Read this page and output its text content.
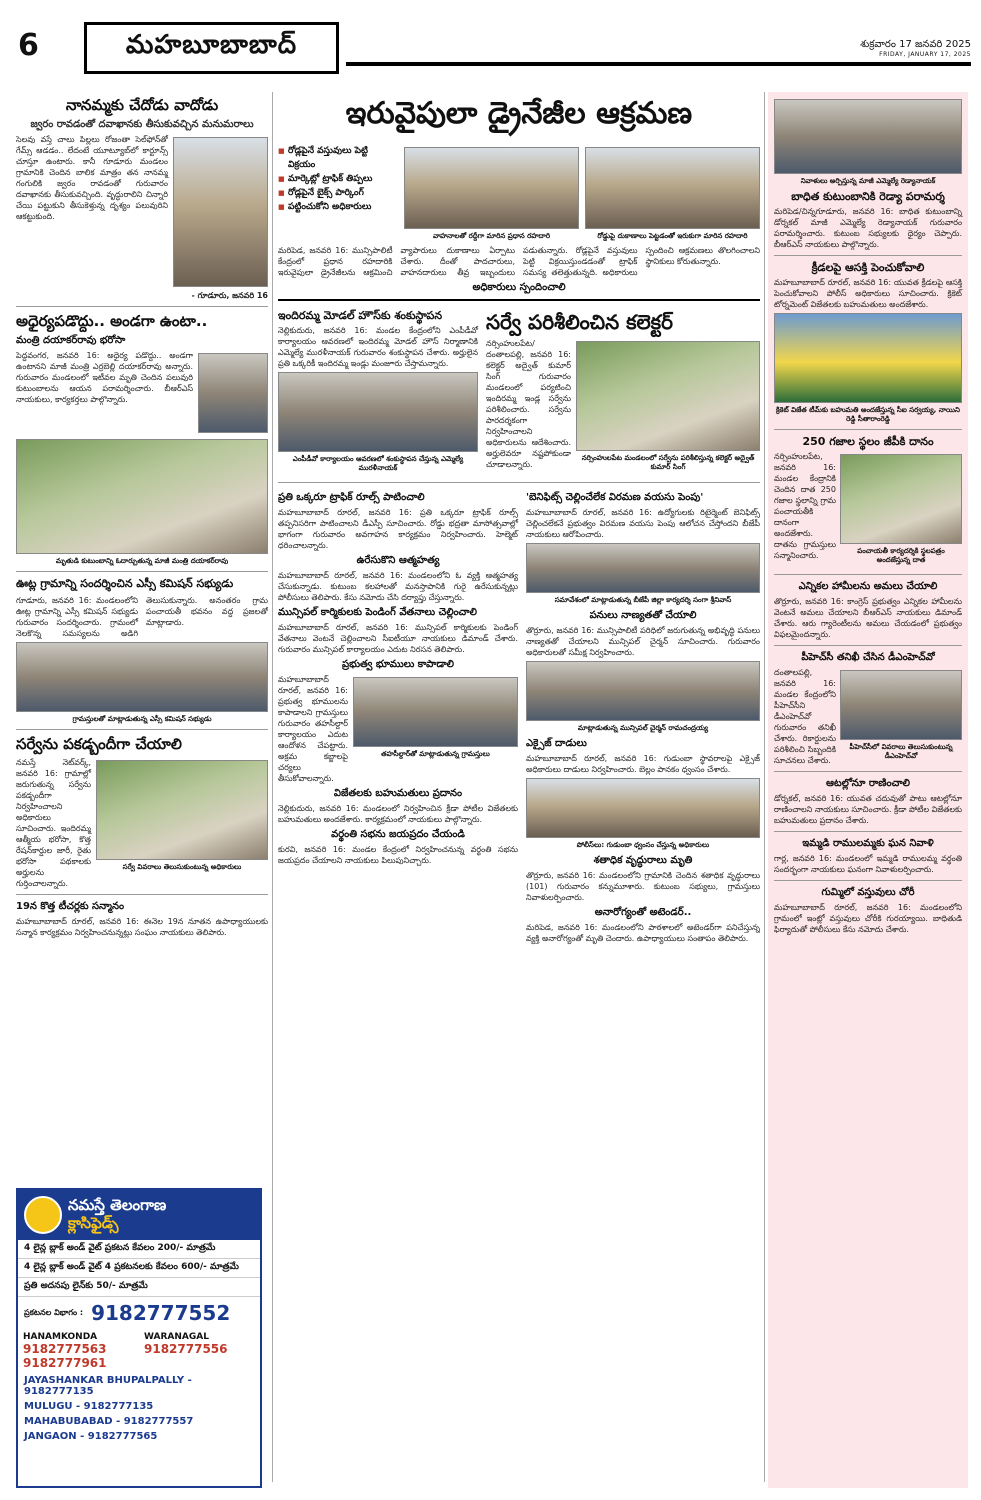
6	మహబూబాబాద్	శుక్రవారం 17 జనవరి 2025
FRIDAY, JANUARY 17, 2025
నానమ్మకు చేదోడు వాదోడు
జ్వరం రావడంతో దవాఖానకు తీసుకువచ్చిన మనుమరాలు

సెలవు వస్తే చాలు పిల్లలు రోజంతా సెల్‌ఫోన్‌తో గేమ్స్ ఆడడం.. లేదంటే యూట్యూబ్‌లో కార్టూన్స్ చూస్తూ ఉంటారు. కానీ గూడూరు మండలం గ్రామానికి చెందిన బాలిక మాత్రం తన నానమ్మ గంగులికి జ్వరం రావడంతో గురువారం దవాఖానకు తీసుకువచ్చింది. వృద్ధురాలిని చిన్నారి చేయి పట్టుకుని తీసుకెళ్తున్న దృశ్యం పలువురిని ఆకట్టుకుంది.

- గూడూరు, జనవరి 16

అధైర్యపడొద్దు.. అండగా ఉంటా..
మంత్రి దయాకర్‌రావు భరోసా

పెద్దవంగర, జనవరి 16: అధైర్య పడొద్దు.. అండగా ఉంటానని మాజీ మంత్రి ఎర్రబెల్లి దయాకర్‌రావు అన్నారు. గురువారం మండలంలో ఇటీవల మృతి చెందిన పలువురి కుటుంబాలను ఆయన పరామర్శించారు. బీఆర్‌ఎస్ నాయకులు, కార్యకర్తలు పాల్గొన్నారు.

మృతుడి కుటుంబాన్ని ఓదార్చుతున్న మాజీ మంత్రి దయాకర్‌రావు

ఊట్ల గ్రామాన్ని సందర్శించిన ఎస్సీ కమిషన్ సభ్యుడు

గూడూరు, జనవరి 16: మండలంలోని ఊట్ల గ్రామాన్ని ఎస్సీ కమిషన్ సభ్యుడు గురువారం సందర్శించారు. గ్రామంలో నెలకొన్న సమస్యలను అడిగి తెలుసుకున్నారు. అనంతరం గ్రామ పంచాయతీ భవనం వద్ద ప్రజలతో మాట్లాడారు.

గ్రామస్తులతో మాట్లాడుతున్న ఎస్సీ కమిషన్ సభ్యుడు

సర్వేను పకడ్బందీగా చేయాలి

నమస్తే నెట్‌వర్క్, జనవరి 16: గ్రామాల్లో జరుగుతున్న సర్వేను పకడ్బందీగా నిర్వహించాలని అధికారులు సూచించారు. ఇందిరమ్మ ఆత్మీయ భరోసా, కొత్త రేషన్‌కార్డుల జారీ, రైతు భరోసా పథకాలకు అర్హులను గుర్తించాలన్నారు.

సర్వే వివరాలు తెలుసుకుంటున్న అధికారులు

19న కొత్త టీచర్లకు సన్మానం

మహబూబాబాద్ రూరల్, జనవరి 16: ఈనెల 19న నూతన ఉపాధ్యాయులకు సన్మాన కార్యక్రమం నిర్వహించనున్నట్లు సంఘం నాయకులు తెలిపారు.

నమస్తే తెలంగాణ
క్లాసిఫైడ్స్
4 లైన్ల బ్లాక్ అండ్ వైట్ ప్రకటన కేవలం 200/- మాత్రమే
4 లైన్ల బ్లాక్ అండ్ వైట్ 4 ప్రకటనలకు కేవలం 600/- మాత్రమే
ప్రతి అదనపు లైన్‌కు 50/- మాత్రమే
ప్రకటనల విభాగం : 9182777552
HANAMKONDA
9182777563
9182777961
WARANAGAL
9182777556
JAYASHANKAR BHUPALPALLY - 9182777135
MULUGU - 9182777135
MAHABUBABAD - 9182777557
JANGAON - 9182777565
ఇరువైపులా డ్రైనేజీల ఆక్రమణ
■ రోడ్లపైనే వస్తువులు పెట్టి విక్రయం
■ మార్కెట్లో ట్రాఫిక్ తిప్పలు
■ రోడ్లపైనే బైక్స్ పార్కింగ్
■ పట్టించుకోని అధికారులు

వాహనాలతో రద్దీగా మారిన ప్రధాన రహదారి	రోడ్డుపై దుకాణాలు పెట్టడంతో ఇరుకుగా మారిన రహదారి

మరిపెడ, జనవరి 16: మున్సిపాలిటీ కేంద్రంలో ప్రధాన రహదారికి ఇరువైపులా డ్రైనేజీలను ఆక్రమించి వ్యాపారులు దుకాణాలు ఏర్పాటు చేశారు. దీంతో పాదచారులు, వాహనదారులు తీవ్ర ఇబ్బందులు పడుతున్నారు. రోడ్లపైనే వస్తువులు పెట్టి విక్రయిస్తుండడంతో ట్రాఫిక్ సమస్య తలెత్తుతున్నది. అధికారులు స్పందించి ఆక్రమణలు తొలగించాలని స్థానికులు కోరుతున్నారు.

అధికారులు స్పందించాలి
ఇందిరమ్మ మోడల్ హౌస్‌కు శంకుస్థాపన

నెల్లికుదురు, జనవరి 16: మండల కేంద్రంలోని ఎంపీడీవో కార్యాలయం ఆవరణలో ఇందిరమ్మ మోడల్ హౌస్ నిర్మాణానికి ఎమ్మెల్యే మురళీనాయక్ గురువారం శంకుస్థాపన చేశారు. అర్హులైన ప్రతి ఒక్కరికీ ఇందిరమ్మ ఇండ్లు మంజూరు చేస్తామన్నారు.

ఎంపీడీవో కార్యాలయం ఆవరణలో శంకుస్థాపన చేస్తున్న ఎమ్మెల్యే మురళీనాయక్

సర్వే పరిశీలించిన కలెక్టర్

నర్సింహులపేట/దంతాలపల్లి, జనవరి 16: కలెక్టర్ అద్వైత్ కుమార్ సింగ్ గురువారం మండలంలో పర్యటించి ఇందిరమ్మ ఇండ్ల సర్వేను పరిశీలించారు. సర్వేను పారదర్శకంగా నిర్వహించాలని అధికారులను ఆదేశించారు. అర్హులెవరూ నష్టపోకుండా చూడాలన్నారు.

నర్సింహులపేట మండలంలో సర్వేను పరిశీలిస్తున్న కలెక్టర్ అద్వైత్ కుమార్ సింగ్

ప్రతి ఒక్కరూ ట్రాఫిక్ రూల్స్ పాటించాలి

మహబూబాబాద్ రూరల్, జనవరి 16: ప్రతి ఒక్కరూ ట్రాఫిక్ రూల్స్ తప్పనిసరిగా పాటించాలని డీఎస్పీ సూచించారు. రోడ్డు భద్రతా మాసోత్సవాల్లో భాగంగా గురువారం అవగాహన కార్యక్రమం నిర్వహించారు. హెల్మెట్ ధరించాలన్నారు.

ఉరేసుకొని ఆత్మహత్య

మహబూబాబాద్ రూరల్, జనవరి 16: మండలంలోని ఓ వ్యక్తి ఆత్మహత్య చేసుకున్నాడు. కుటుంబ కలహాలతో మనస్తాపానికి గురై ఉరేసుకున్నట్లు పోలీసులు తెలిపారు. కేసు నమోదు చేసి దర్యాప్తు చేస్తున్నారు.

మున్సిపల్ కార్మికులకు పెండింగ్ వేతనాలు చెల్లించాలి

మహబూబాబాద్ రూరల్, జనవరి 16: మున్సిపల్ కార్మికులకు పెండింగ్ వేతనాలు వెంటనే చెల్లించాలని సీఐటీయూ నాయకులు డిమాండ్ చేశారు. గురువారం మున్సిపల్ కార్యాలయం ఎదుట నిరసన తెలిపారు.

ప్రభుత్వ భూములు కాపాడాలి

మహబూబాబాద్ రూరల్, జనవరి 16: ప్రభుత్వ భూములను కాపాడాలని గ్రామస్తులు గురువారం తహసీల్దార్ కార్యాలయం ఎదుట ఆందోళన చేపట్టారు. అక్రమ కబ్జాలపై చర్యలు తీసుకోవాలన్నారు.

తహసీల్దార్‌తో మాట్లాడుతున్న గ్రామస్తులు

విజేతలకు బహుమతులు ప్రదానం

నెల్లికుదురు, జనవరి 16: మండలంలో నిర్వహించిన క్రీడా పోటీల విజేతలకు బహుమతులు అందజేశారు. కార్యక్రమంలో నాయకులు పాల్గొన్నారు.

వర్థంతి సభను జయప్రదం చేయండి

కురవి, జనవరి 16: మండల కేంద్రంలో నిర్వహించనున్న వర్థంతి సభను జయప్రదం చేయాలని నాయకులు పిలుపునిచ్చారు.

'బెనిఫిట్స్ చెల్లించేలేక విరమణ వయసు పెంపు'

మహబూబాబాద్ రూరల్, జనవరి 16: ఉద్యోగులకు రిటైర్మెంట్ బెనిఫిట్స్ చెల్లించలేకనే ప్రభుత్వం విరమణ వయసు పెంపు ఆలోచన చేస్తోందని బీజేపీ నాయకులు ఆరోపించారు.

సమావేశంలో మాట్లాడుతున్న బీజేపీ జిల్లా కార్యదర్శి సంగా శ్రీనివాస్

పనులు నాణ్యతతో చేయాలి

తొర్రూరు, జనవరి 16: మున్సిపాలిటీ పరిధిలో జరుగుతున్న అభివృద్ధి పనులు నాణ్యతతో చేయాలని మున్సిపల్ చైర్మన్ సూచించారు. గురువారం అధికారులతో సమీక్ష నిర్వహించారు.

మాట్లాడుతున్న మున్సిపల్ చైర్మన్ రామచంద్రయ్య

ఎక్సైజ్ దాడులు

మహబూబాబాద్ రూరల్, జనవరి 16: గుడుంబా స్థావరాలపై ఎక్సైజ్ అధికారులు దాడులు నిర్వహించారు. బెల్లం పానకం ధ్వంసం చేశారు.

పోలీస్‌లు: గుడుంబా ధ్వంసం చేస్తున్న అధికారులు

శతాధిక వృద్ధురాలు మృతి

తొర్రూరు, జనవరి 16: మండలంలోని గ్రామానికి చెందిన శతాధిక వృద్ధురాలు (101) గురువారం కన్నుమూశారు. కుటుంబ సభ్యులు, గ్రామస్తులు నివాళులర్పించారు.

అనారోగ్యంతో అటెండర్..

మరిపెడ, జనవరి 16: మండలంలోని పాఠశాలలో అటెండర్‌గా పనిచేస్తున్న వ్యక్తి అనారోగ్యంతో మృతి చెందారు. ఉపాధ్యాయులు సంతాపం తెలిపారు.

నివాళులు అర్పిస్తున్న మాజీ ఎమ్మెల్యే రెడ్యానాయక్

బాధిత కుటుంబానికి రెడ్యా పరామర్శ

మరిపెడ/చిన్నగూడూరు, జనవరి 16: బాధిత కుటుంబాన్ని డోర్నకల్ మాజీ ఎమ్మెల్యే రెడ్యానాయక్ గురువారం పరామర్శించారు. కుటుంబ సభ్యులకు ధైర్యం చెప్పారు. బీఆర్‌ఎస్ నాయకులు పాల్గొన్నారు.

క్రీడలపై ఆసక్తి పెంచుకోవాలి

మహబూబాబాద్ రూరల్, జనవరి 16: యువత క్రీడలపై ఆసక్తి పెంచుకోవాలని పోలీస్ అధికారులు సూచించారు. క్రికెట్ టోర్నమెంట్ విజేతలకు బహుమతులు అందజేశారు.

క్రికెట్ విజేత టీమ్‌కు బహుమతి అందజేస్తున్న సీఐ సర్వయ్య, నాయిని రెడ్డి సీతారాంరెడ్డి

250 గజాల స్థలం జీపీకి దానం

నర్సింహులపేట, జనవరి 16: మండల కేంద్రానికి చెందిన దాత 250 గజాల స్థలాన్ని గ్రామ పంచాయతీకి దానంగా అందజేశారు. దాతను గ్రామస్తులు సన్మానించారు.	పంచాయతీ కార్యదర్శికి స్థలపత్రం అందజేస్తున్న దాత

ఎన్నికల హామీలను అమలు చేయాలి

తొర్రూరు, జనవరి 16: కాంగ్రెస్ ప్రభుత్వం ఎన్నికల హామీలను వెంటనే అమలు చేయాలని బీఆర్‌ఎస్ నాయకులు డిమాండ్ చేశారు. ఆరు గ్యారెంటీలను అమలు చేయడంలో ప్రభుత్వం విఫలమైందన్నారు.

పీహెచ్‌సీ తనిఖీ చేసిన డీఎంహెచ్‌వో

దంతాలపల్లి, జనవరి 16: మండల కేంద్రంలోని పీహెచ్‌సీని డీఎంహెచ్‌వో గురువారం తనిఖీ చేశారు. రికార్డులను పరిశీలించి సిబ్బందికి సూచనలు చేశారు.

పీహెచ్‌సీలో వివరాలు తెలుసుకుంటున్న డీఎంహెచ్‌వో

ఆటల్లోనూ రాణించాలి

డోర్నకల్, జనవరి 16: యువత చదువుతో పాటు ఆటల్లోనూ రాణించాలని నాయకులు సూచించారు. క్రీడా పోటీల విజేతలకు బహుమతులు ప్రదానం చేశారు.

ఇమ్మడి రాములమ్మకు ఘన నివాళి

గార్ల, జనవరి 16: మండలంలో ఇమ్మడి రాములమ్మ వర్థంతి సందర్భంగా నాయకులు ఘనంగా నివాళులర్పించారు.

గుమ్మిలో వస్తువులు చోరీ

మహబూబాబాద్ రూరల్, జనవరి 16: మండలంలోని గ్రామంలో ఇంట్లో వస్తువులు చోరీకి గురయ్యాయి. బాధితుడి ఫిర్యాదుతో పోలీసులు కేసు నమోదు చేశారు.
